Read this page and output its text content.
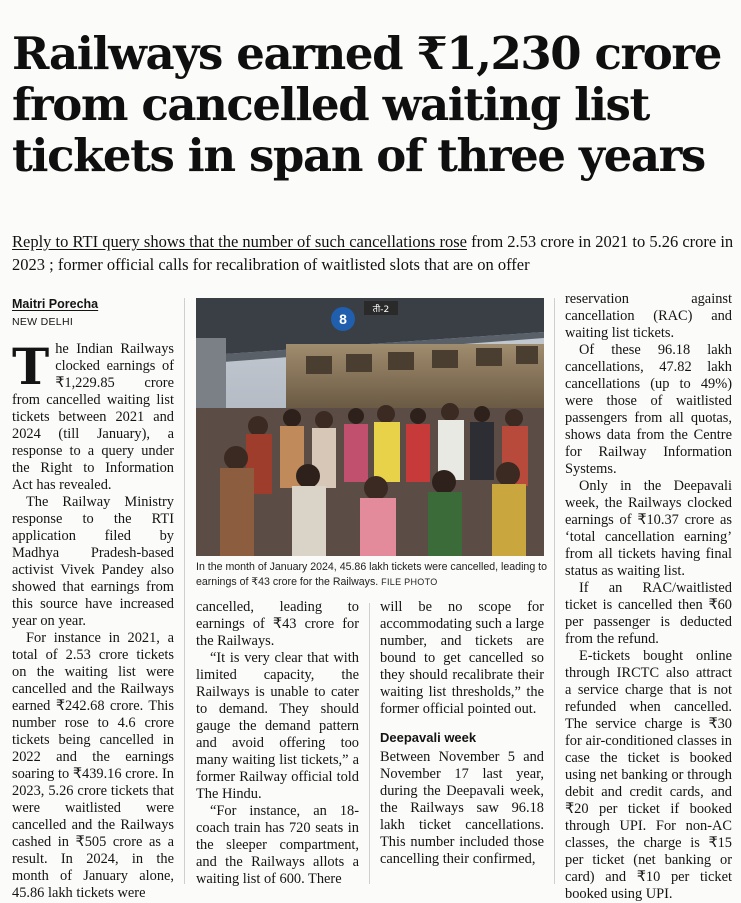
Railways earned ₹1,230 crore from cancelled waiting list tickets in span of three years

Reply to RTI query shows that the number of such cancellations rose from 2.53 crore in 2021 to 5.26 crore in 2023 ; former official calls for recalibration of waitlisted slots that are on offer

Maitri Porecha
NEW DELHI

The Indian Railways clocked earnings of ₹1,229.85 crore from cancelled waiting list tickets between 2021 and 2024 (till January), a response to a query under the Right to Information Act has revealed.

The Railway Ministry response to the RTI application filed by Madhya Pradesh-based activist Vivek Pandey also showed that earnings from this source have increased year on year.

For instance in 2021, a total of 2.53 crore tickets on the waiting list were cancelled and the Railways earned ₹242.68 crore. This number rose to 4.6 crore tickets being cancelled in 2022 and the earnings soaring to ₹439.16 crore. In 2023, 5.26 crore tickets that were waitlisted were cancelled and the Railways cashed in ₹505 crore as a result. In 2024, in the month of January alone, 45.86 lakh tickets were

8
ती-2
In the month of January 2024, 45.86 lakh tickets were cancelled, leading to earnings of ₹43 crore for the Railways. FILE PHOTO

cancelled, leading to earnings of ₹43 crore for the Railways.

“It is very clear that with limited capacity, the Railways is unable to cater to demand. They should gauge the demand pattern and avoid offering too many waiting list tickets,” a former Railway official told The Hindu.

“For instance, an 18-coach train has 720 seats in the sleeper compartment, and the Railways allots a waiting list of 600. There

will be no scope for accommodating such a large number, and tickets are bound to get cancelled so they should recalibrate their waiting list thresholds,” the former official pointed out.

Deepavali week

Between November 5 and November 17 last year, during the Deepavali week, the Railways saw 96.18 lakh ticket cancellations. This number included those cancelling their confirmed,

reservation against cancellation (RAC) and waiting list tickets.

Of these 96.18 lakh cancellations, 47.82 lakh cancellations (up to 49%) were those of waitlisted passengers from all quotas, shows data from the Centre for Railway Information Systems.

Only in the Deepavali week, the Railways clocked earnings of ₹10.37 crore as ‘total cancellation earning’ from all tickets having final status as waiting list.

If an RAC/waitlisted ticket is cancelled then ₹60 per passenger is deducted from the refund.

E-tickets bought online through IRCTC also attract a service charge that is not refunded when cancelled. The service charge is ₹30 for air-conditioned classes in case the ticket is booked using net banking or through debit and credit cards, and ₹20 per ticket if booked through UPI. For non-AC classes, the charge is ₹15 per ticket (net banking or card) and ₹10 per ticket booked using UPI.
